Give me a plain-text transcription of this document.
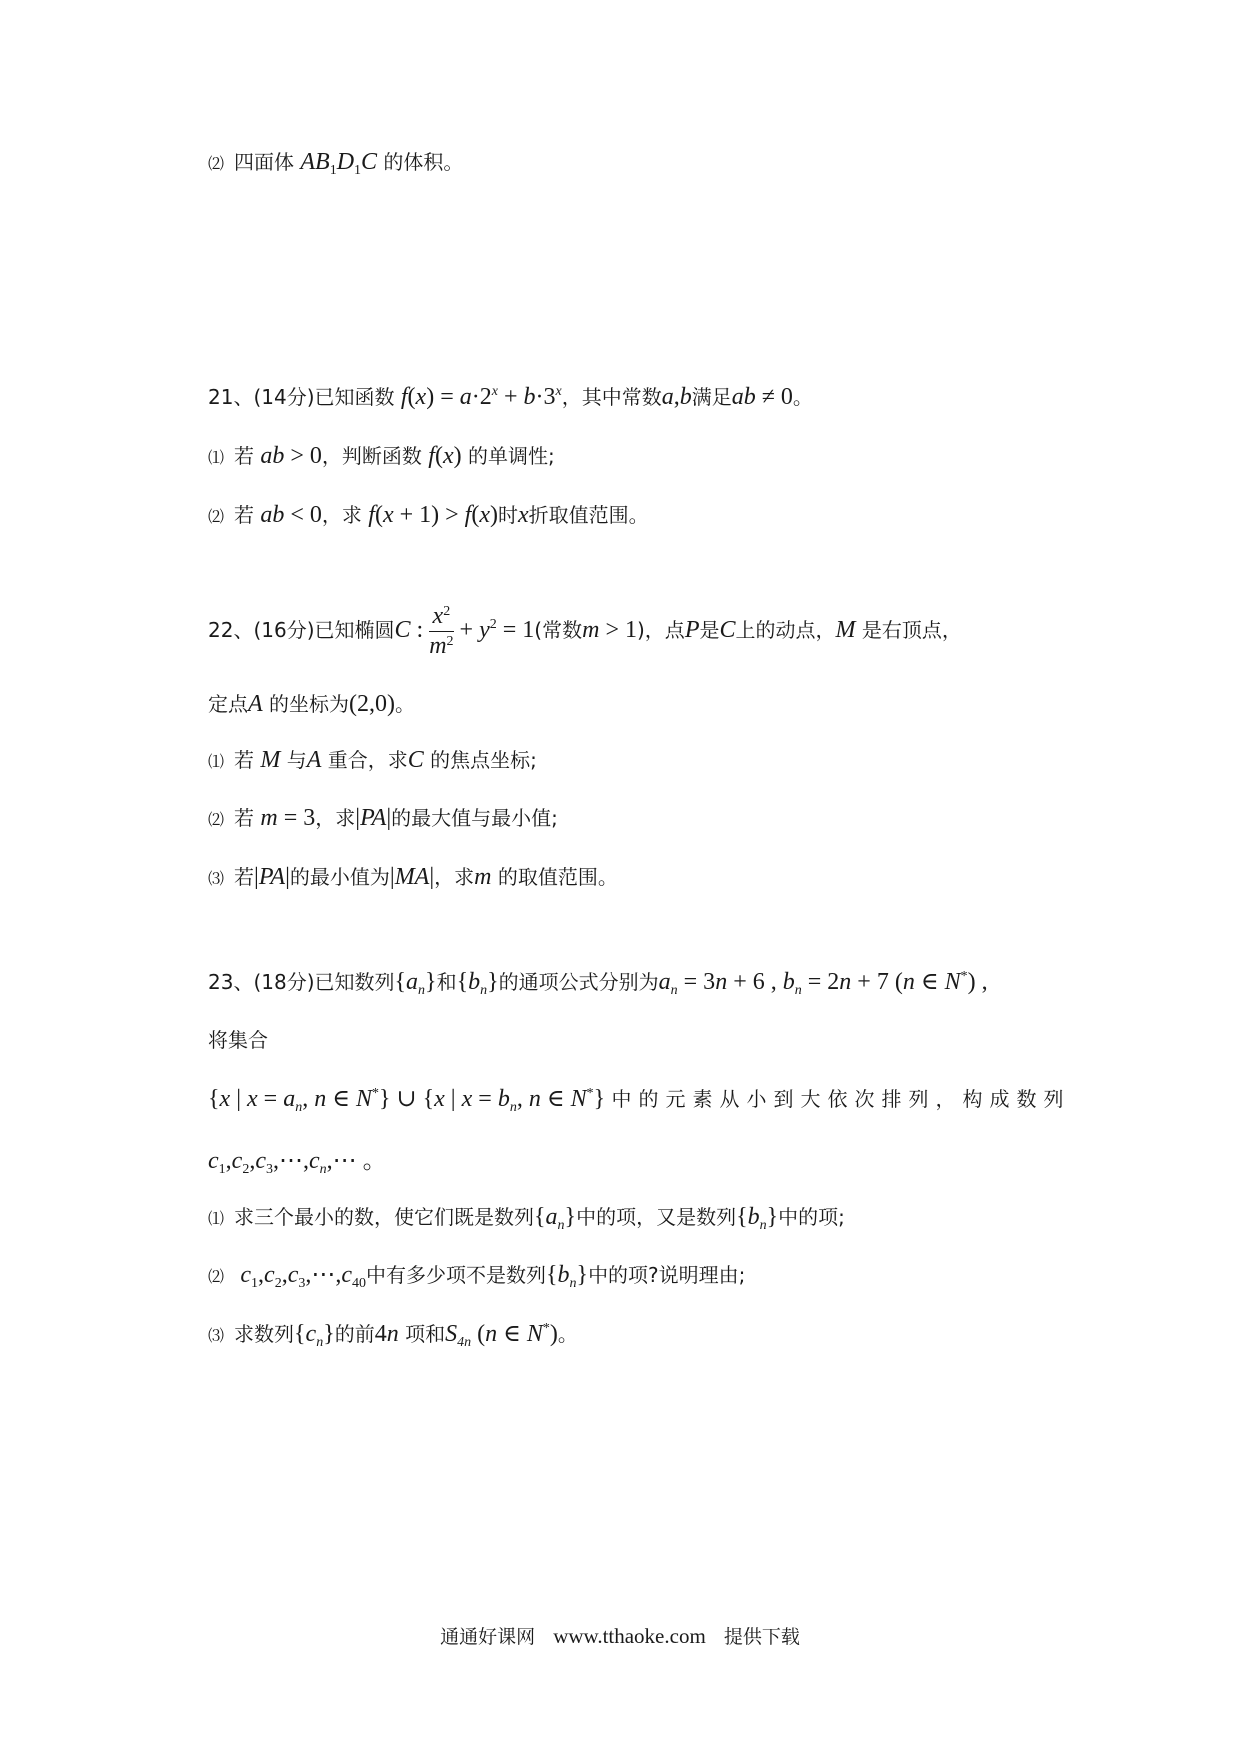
⑵ 四面体 $AB_1D_1C$ 的体积。
21、(14分)已知函数 $f(x) = a\cdot 2^x + b\cdot 3^x$，其中常数a,b满足ab ≠ 0。
⑴ 若 ab > 0，判断函数 f(x) 的单调性;
⑵ 若 ab < 0，求 f(x + 1) > f(x)时x折取值范围。
22、(16分)已知椭圆C : $\frac{x^2}{m^2} + y^2 = 1$(常数m > 1)，点P是C上的动点，M 是右顶点，
定点A 的坐标为(2,0)。
⑴ 若 M 与A 重合，求C 的焦点坐标;
⑵ 若 m = 3，求|PA|的最大值与最小值;
⑶ 若|PA|的最小值为|MA|，求m 的取值范围。
23、(18分)已知数列$\{a_n\}$和$\{b_n\}$的通项公式分别为$a_n = 3n + 6$ , $b_n = 2n + 7$ (n ∈ N*) ,
将集合
{x | $x = a_n$, n ∈ N*} ∪ {x | $x = b_n$, n ∈ N*} 中的元素从小到大依次排列，构成数列
$c_1,c_2,c_3,\cdots,c_n,\cdots$ 。
⑴ 求三个最小的数，使它们既是数列$\{a_n\}$中的项，又是数列$\{b_n\}$中的项;
⑵ $c_1,c_2,c_3,\cdots,c_{40}$中有多少项不是数列$\{b_n\}$中的项?说明理由;
⑶ 求数列$\{c_n\}$的前4n 项和$S_{4n}$ (n ∈ N*)。
通通好课网 www.tthaoke.com 提供下载
